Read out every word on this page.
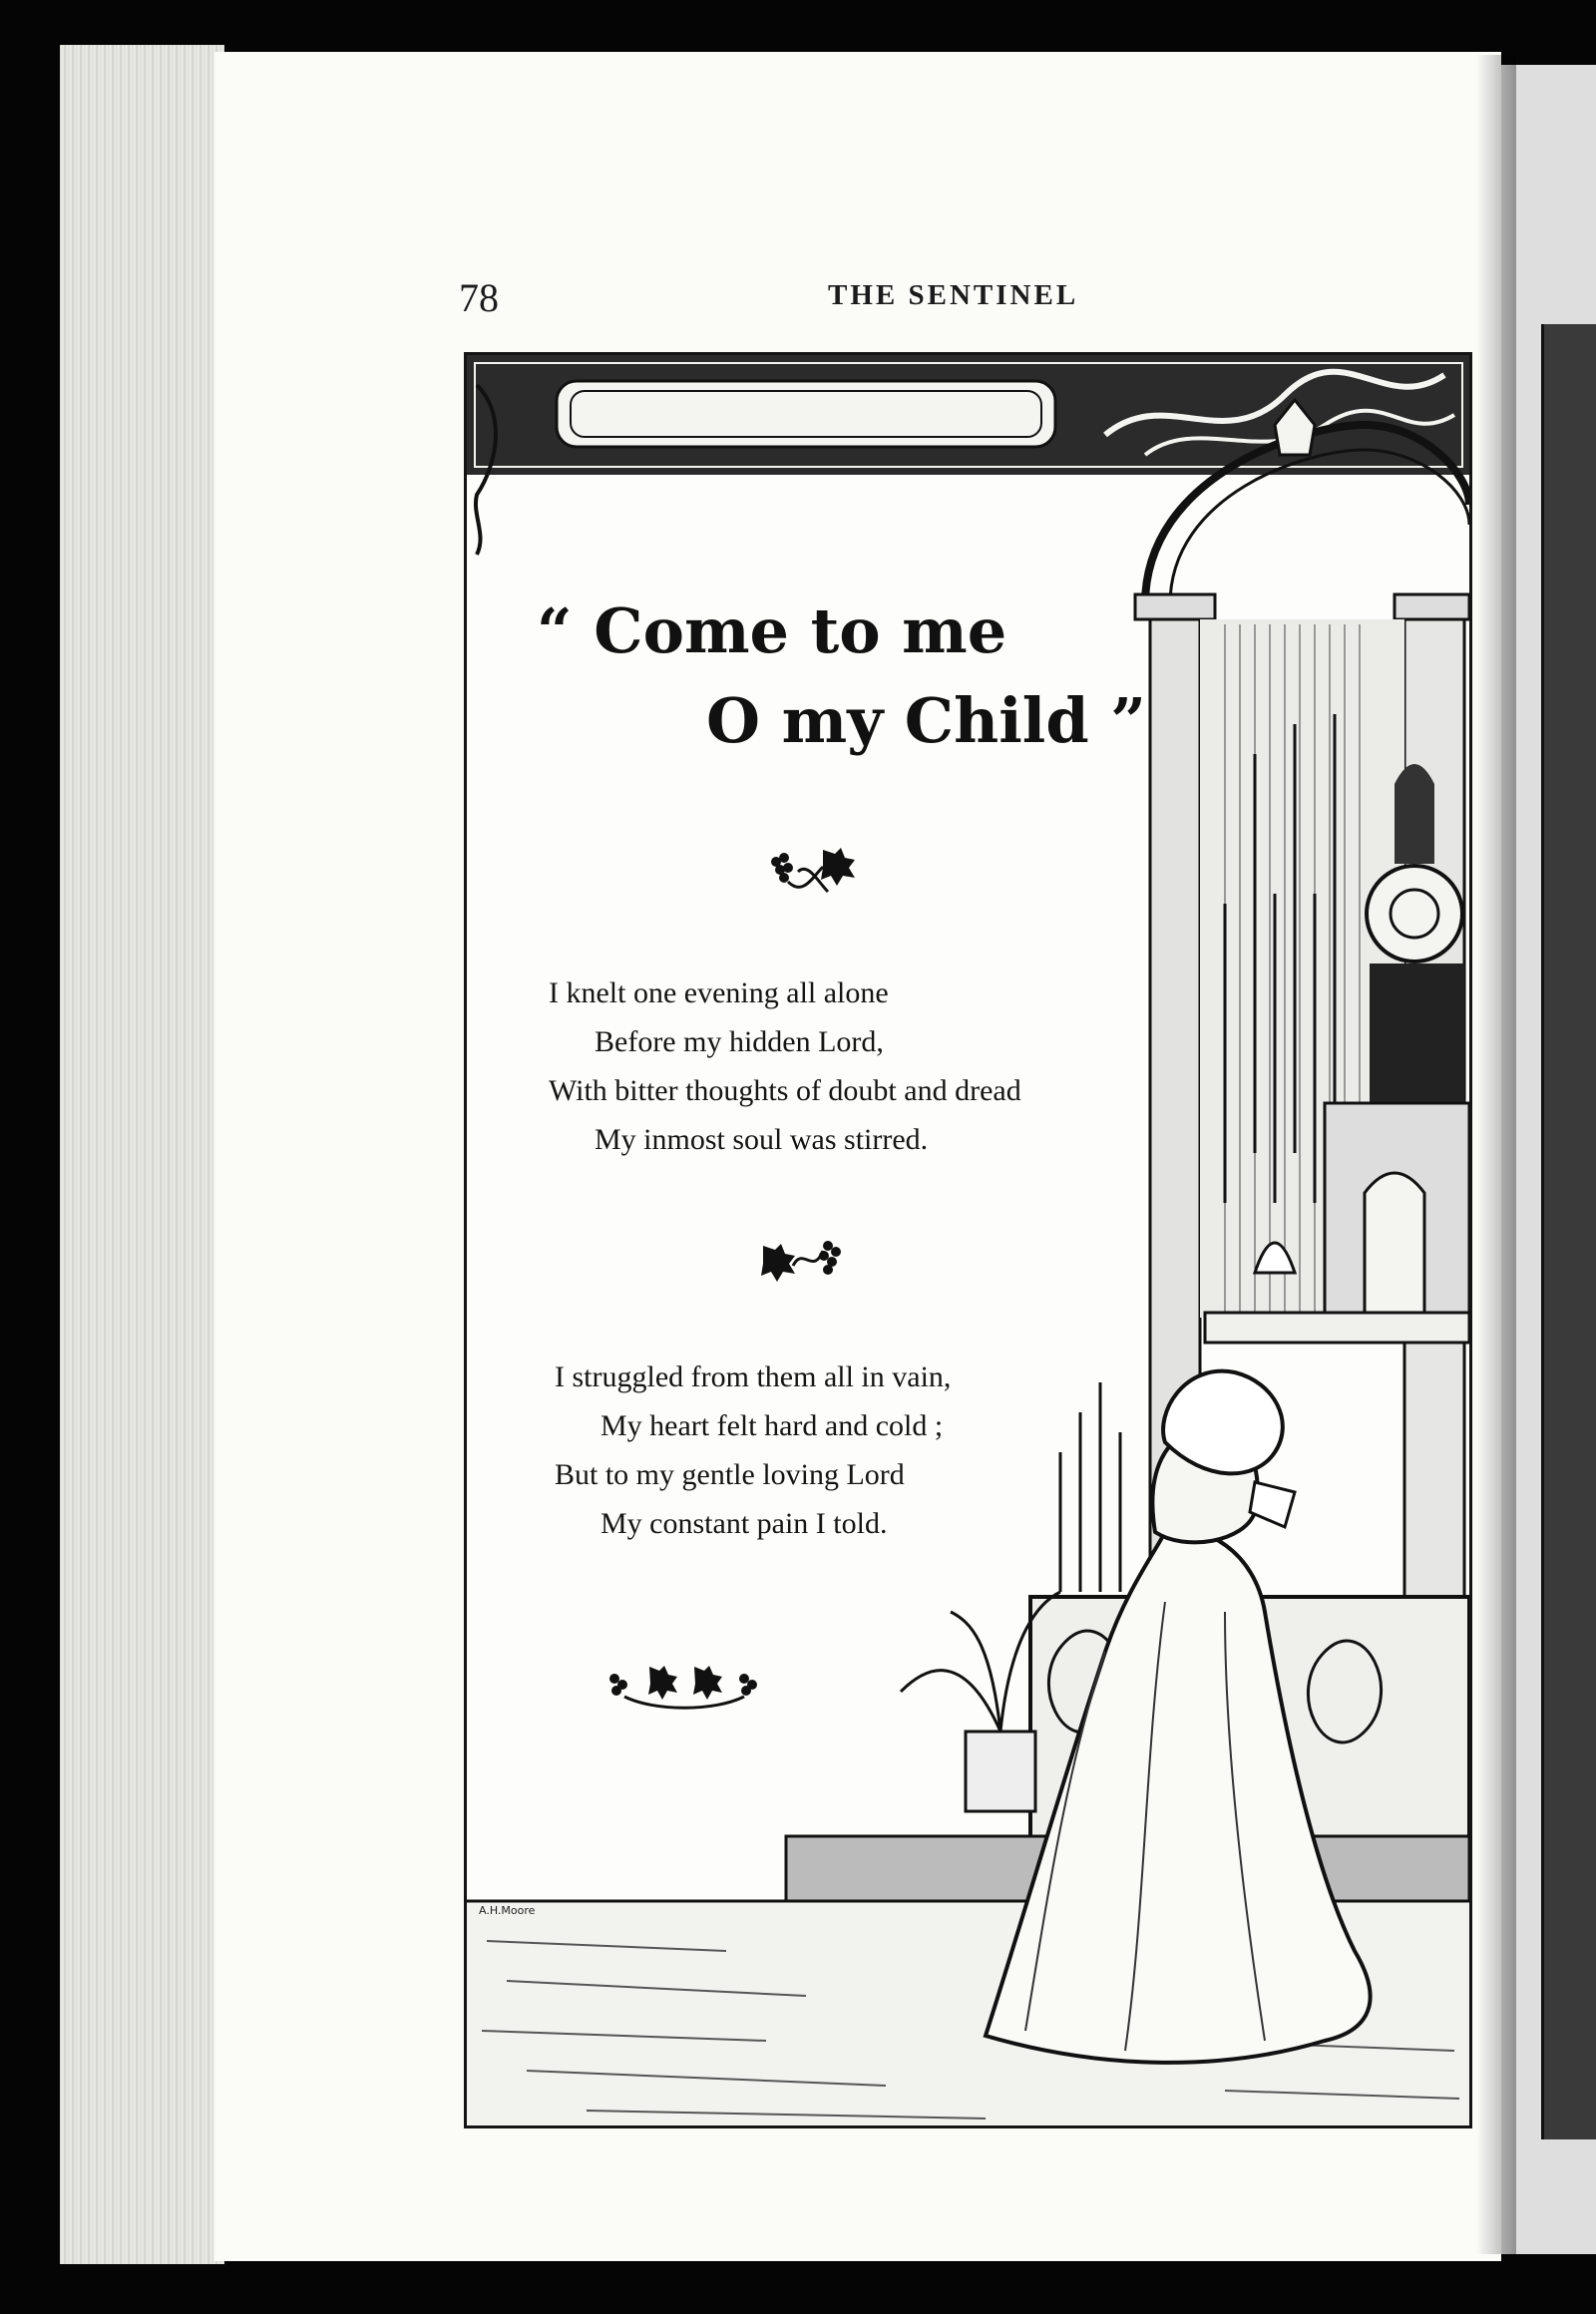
78	THE SENTINEL
“ Come to me
O my Child ”
I knelt one evening all alone
Before my hidden Lord,
With bitter thoughts of doubt and dread
My inmost soul was stirred.
I struggled from them all in vain,
My heart felt hard and cold ;
But to my gentle loving Lord
My constant pain I told.
A.H.Moore
